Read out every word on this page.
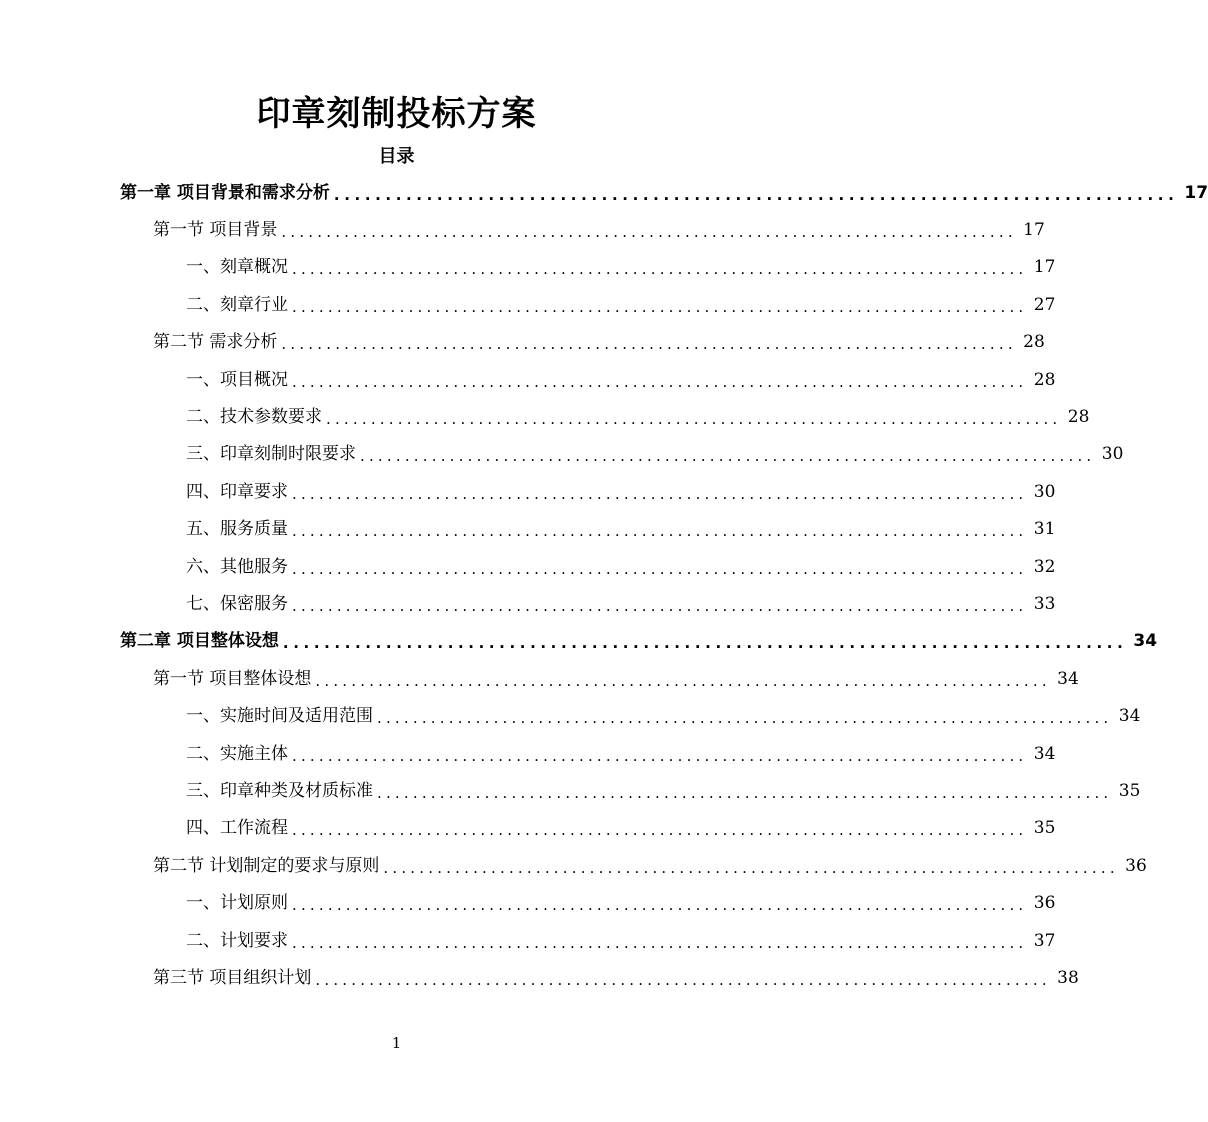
印章刻制投标方案
目录
第一章 项目背景和需求分析 .................................................................................. 17
第一节 项目背景 .................................................................................. 17
一、刻章概况 .................................................................................. 17
二、刻章行业 .................................................................................. 27
第二节 需求分析 .................................................................................. 28
一、项目概况 .................................................................................. 28
二、技术参数要求 .................................................................................. 28
三、印章刻制时限要求 .................................................................................. 30
四、印章要求 .................................................................................. 30
五、服务质量 .................................................................................. 31
六、其他服务 .................................................................................. 32
七、保密服务 .................................................................................. 33
第二章 项目整体设想 .................................................................................. 34
第一节 项目整体设想 .................................................................................. 34
一、实施时间及适用范围 .................................................................................. 34
二、实施主体 .................................................................................. 34
三、印章种类及材质标准 .................................................................................. 35
四、工作流程 .................................................................................. 35
第二节 计划制定的要求与原则 .................................................................................. 36
一、计划原则 .................................................................................. 36
二、计划要求 .................................................................................. 37
第三节 项目组织计划 .................................................................................. 38
1
